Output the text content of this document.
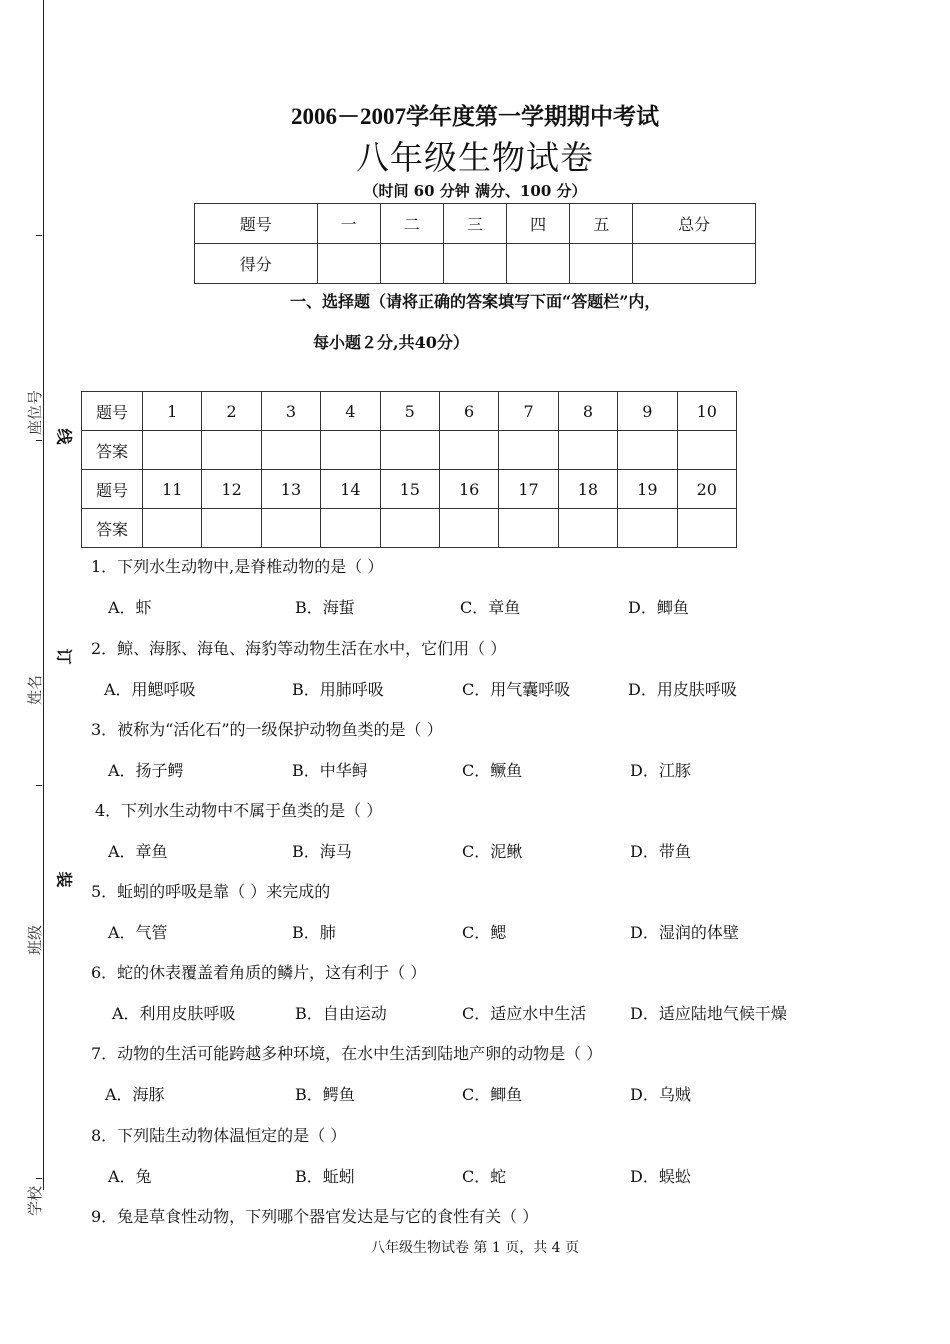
座位号
姓名
班级
学校
线
订
装
2006－2007学年度第一学期期中考试
八年级生物试卷
（时间 60 分钟 满分、100 分）
题号	一	二	三	四	五	总分
得分						
一、选择题（请将正确的答案填写下面“答题栏”内，
每小题２分,共40分）
题号	1	2	3	4	5	6	7	8	9	10
答案										
题号	11	12	13	14	15	16	17	18	19	20
答案										
1．下列水生动物中,是脊椎动物的是（ ）
A．虾	B．海蜇	C．章鱼	D．鲫鱼
2．鲸、海豚、海龟、海豹等动物生活在水中，它们用（ ）
A．用鳃呼吸	B．用肺呼吸	C．用气囊呼吸	D．用皮肤呼吸
3．被称为“活化石”的一级保护动物鱼类的是（ ）
A．扬子鳄	B．中华鲟	C．鳜鱼	D．江豚
4．下列水生动物中不属于鱼类的是（ ）
A．章鱼	B．海马	C．泥鳅	D．带鱼
5．蚯蚓的呼吸是靠（ ）来完成的
A．气管	B．肺	C．鳃	D．湿润的体壁
6．蛇的休表覆盖着角质的鳞片，这有利于（ ）
A．利用皮肤呼吸	B．自由运动	C．适应水中生活	D．适应陆地气候干燥
7．动物的生活可能跨越多种环境，在水中生活到陆地产卵的动物是（ ）
A．海豚	B．鳄鱼	C．鲫鱼	D．乌贼
8．下列陆生动物体温恒定的是（ ）
A．兔	B．蚯蚓	C．蛇	D．蜈蚣
9．兔是草食性动物，下列哪个器官发达是与它的食性有关（ ）
八年级生物试卷 第 1 页，共 4 页
